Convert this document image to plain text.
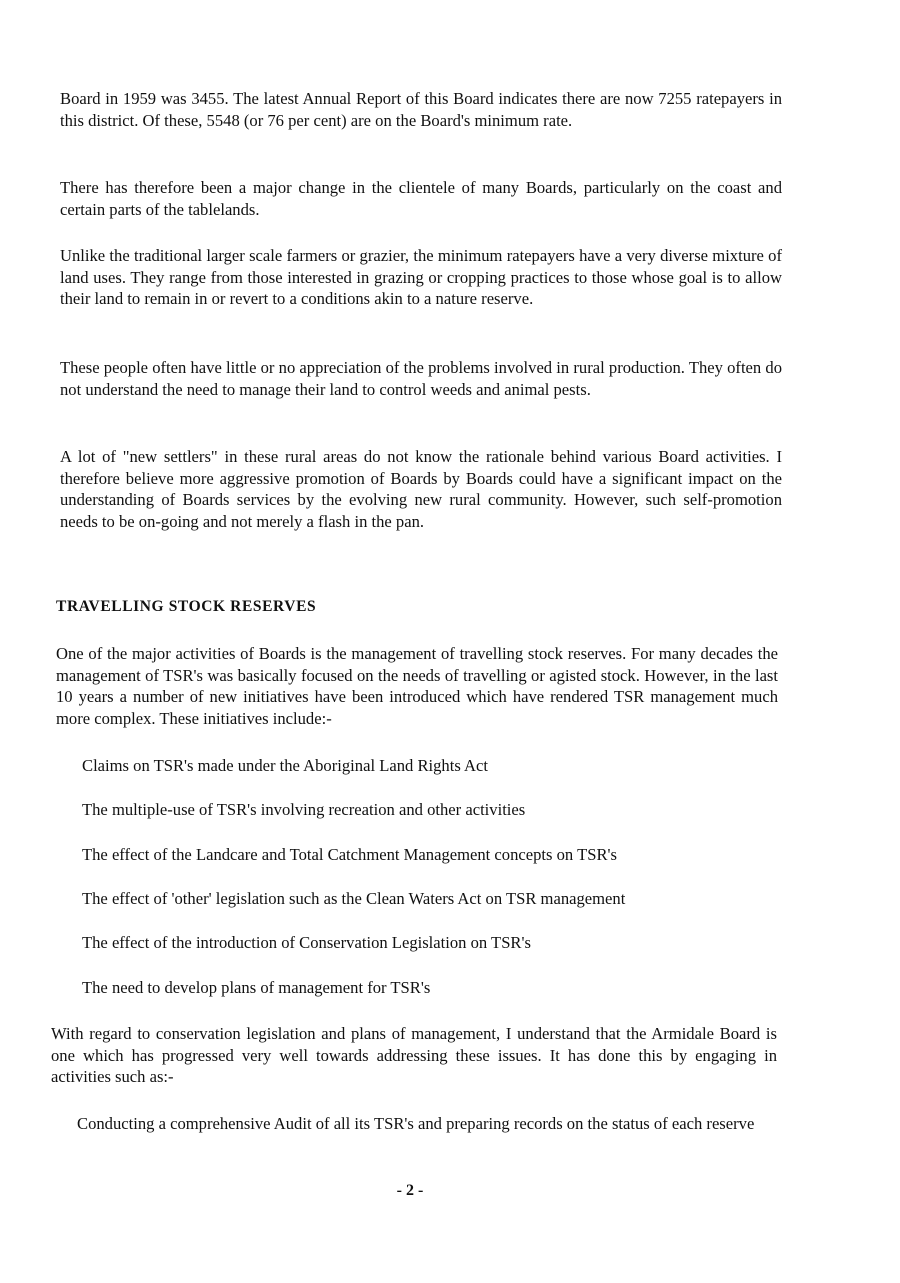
Board in 1959 was 3455. The latest Annual Report of this Board indicates there are now 7255 ratepayers in this district. Of these, 5548 (or 76 per cent) are on the Board's minimum rate.

There has therefore been a major change in the clientele of many Boards, particularly on the coast and certain parts of the tablelands.

Unlike the traditional larger scale farmers or grazier, the minimum ratepayers have a very diverse mixture of land uses. They range from those interested in grazing or cropping practices to those whose goal is to allow their land to remain in or revert to a conditions akin to a nature reserve.

These people often have little or no appreciation of the problems involved in rural production. They often do not understand the need to manage their land to control weeds and animal pests.

A lot of "new settlers" in these rural areas do not know the rationale behind various Board activities. I therefore believe more aggressive promotion of Boards by Boards could have a significant impact on the understanding of Boards services by the evolving new rural community. However, such self-promotion needs to be on-going and not merely a flash in the pan.

TRAVELLING STOCK RESERVES

One of the major activities of Boards is the management of travelling stock reserves. For many decades the management of TSR's was basically focused on the needs of travelling or agisted stock. However, in the last 10 years a number of new initiatives have been introduced which have rendered TSR management much more complex. These initiatives include:-

Claims on TSR's made under the Aboriginal Land Rights Act

The multiple-use of TSR's involving recreation and other activities

The effect of the Landcare and Total Catchment Management concepts on TSR's

The effect of 'other' legislation such as the Clean Waters Act on TSR management

The effect of the introduction of Conservation Legislation on TSR's

The need to develop plans of management for TSR's

With regard to conservation legislation and plans of management, I understand that the Armidale Board is one which has progressed very well towards addressing these issues. It has done this by engaging in activities such as:-

Conducting a comprehensive Audit of all its TSR's and preparing records on the status of each reserve

- 2 -
